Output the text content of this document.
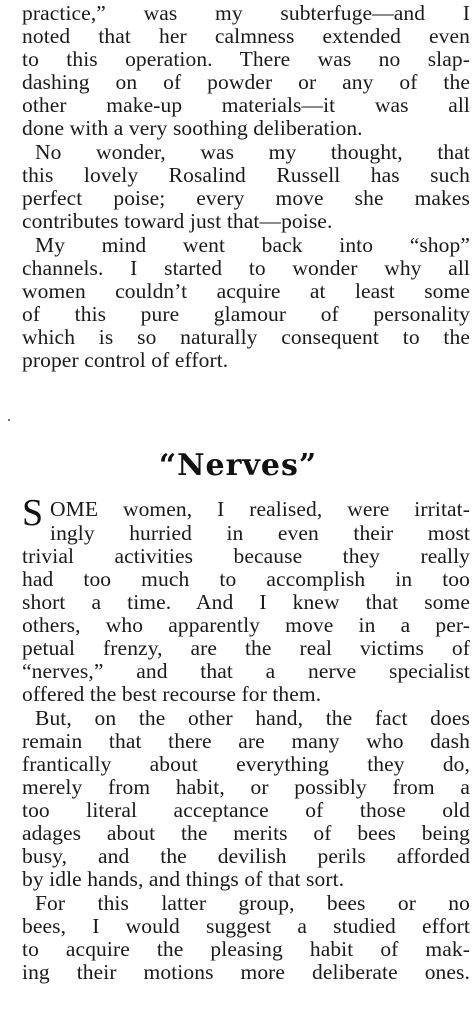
practice,” was my subterfuge—and I

noted that her calmness extended even

to this operation. There was no slap-

dashing on of powder or any of the

other make-up materials—it was all

done with a very soothing deliberation.

No wonder, was my thought, that

this lovely Rosalind Russell has such

perfect poise; every move she makes

contributes toward just that—poise.

My mind went back into “shop”

channels. I started to wonder why all

women couldn’t acquire at least some

of this pure glamour of personality

which is so naturally consequent to the

proper control of effort.

“Nerves”
S OME women, I realised, were irritat-

ingly hurried in even their most

trivial activities because they really

had too much to accomplish in too

short a time. And I knew that some

others, who apparently move in a per-

petual frenzy, are the real victims of

“nerves,” and that a nerve specialist

offered the best recourse for them.

But, on the other hand, the fact does

remain that there are many who dash

frantically about everything they do,

merely from habit, or possibly from a

too literal acceptance of those old

adages about the merits of bees being

busy, and the devilish perils afforded

by idle hands, and things of that sort.

For this latter group, bees or no

bees, I would suggest a studied effort

to acquire the pleasing habit of mak-

ing their motions more deliberate ones.
